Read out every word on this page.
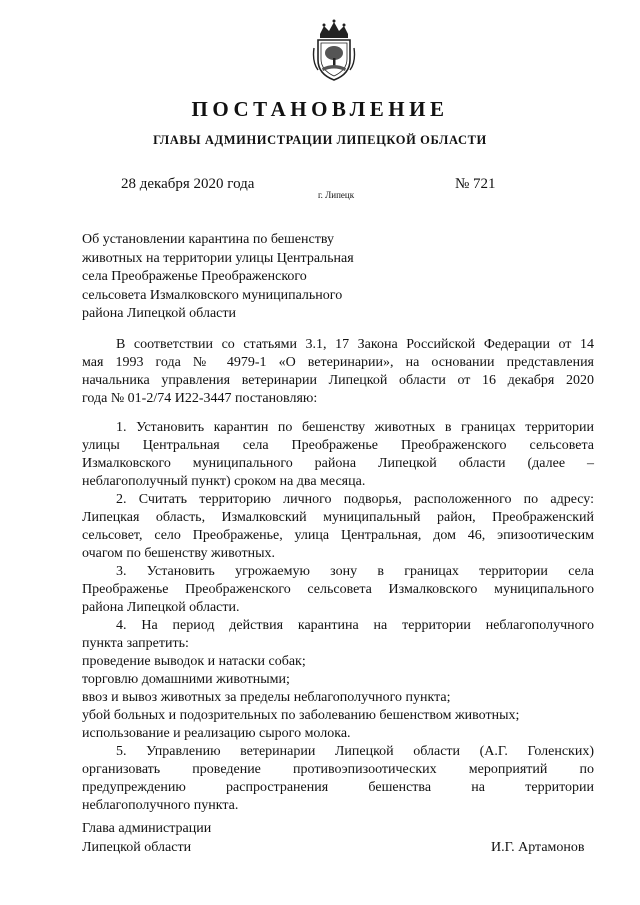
ПОСТАНОВЛЕНИЕ
ГЛАВЫ АДМИНИСТРАЦИИ ЛИПЕЦКОЙ ОБЛАСТИ
28 декабря 2020 года
г. Липецк
№ 721
Об установлении карантина по бешенству
животных на территории улицы Центральная
села Преображенье Преображенского
сельсовета Измалковского муниципального
района Липецкой области
В соответствии со статьями 3.1, 17 Закона Российской Федерации от 14
мая 1993 года № 4979-1 «О ветеринарии», на основании представления
начальника управления ветеринарии Липецкой области от 16 декабря 2020
года № 01-2/74 И22-3447 постановляю:
1. Установить карантин по бешенству животных в границах территории
улицы Центральная села Преображенье Преображенского сельсовета
Измалковского муниципального района Липецкой области (далее –
неблагополучный пункт) сроком на два месяца.
2. Считать территорию личного подворья, расположенного по адресу:
Липецкая область, Измалковский муниципальный район, Преображенский
сельсовет, село Преображенье, улица Центральная, дом 46, эпизоотическим
очагом по бешенству животных.
3. Установить угрожаемую зону в границах территории села
Преображенье Преображенского сельсовета Измалковского муниципального
района Липецкой области.
4. На период действия карантина на территории неблагополучного
пункта запретить:
проведение выводок и натаски собак;
торговлю домашними животными;
ввоз и вывоз животных за пределы неблагополучного пункта;
убой больных и подозрительных по заболеванию бешенством животных;
использование и реализацию сырого молока.
5. Управлению ветеринарии Липецкой области (А.Г. Голенских)
организовать проведение противоэпизоотических мероприятий по
предупреждению распространения бешенства на территории
неблагополучного пункта.
Глава администрации
Липецкой области	И.Г. Артамонов
